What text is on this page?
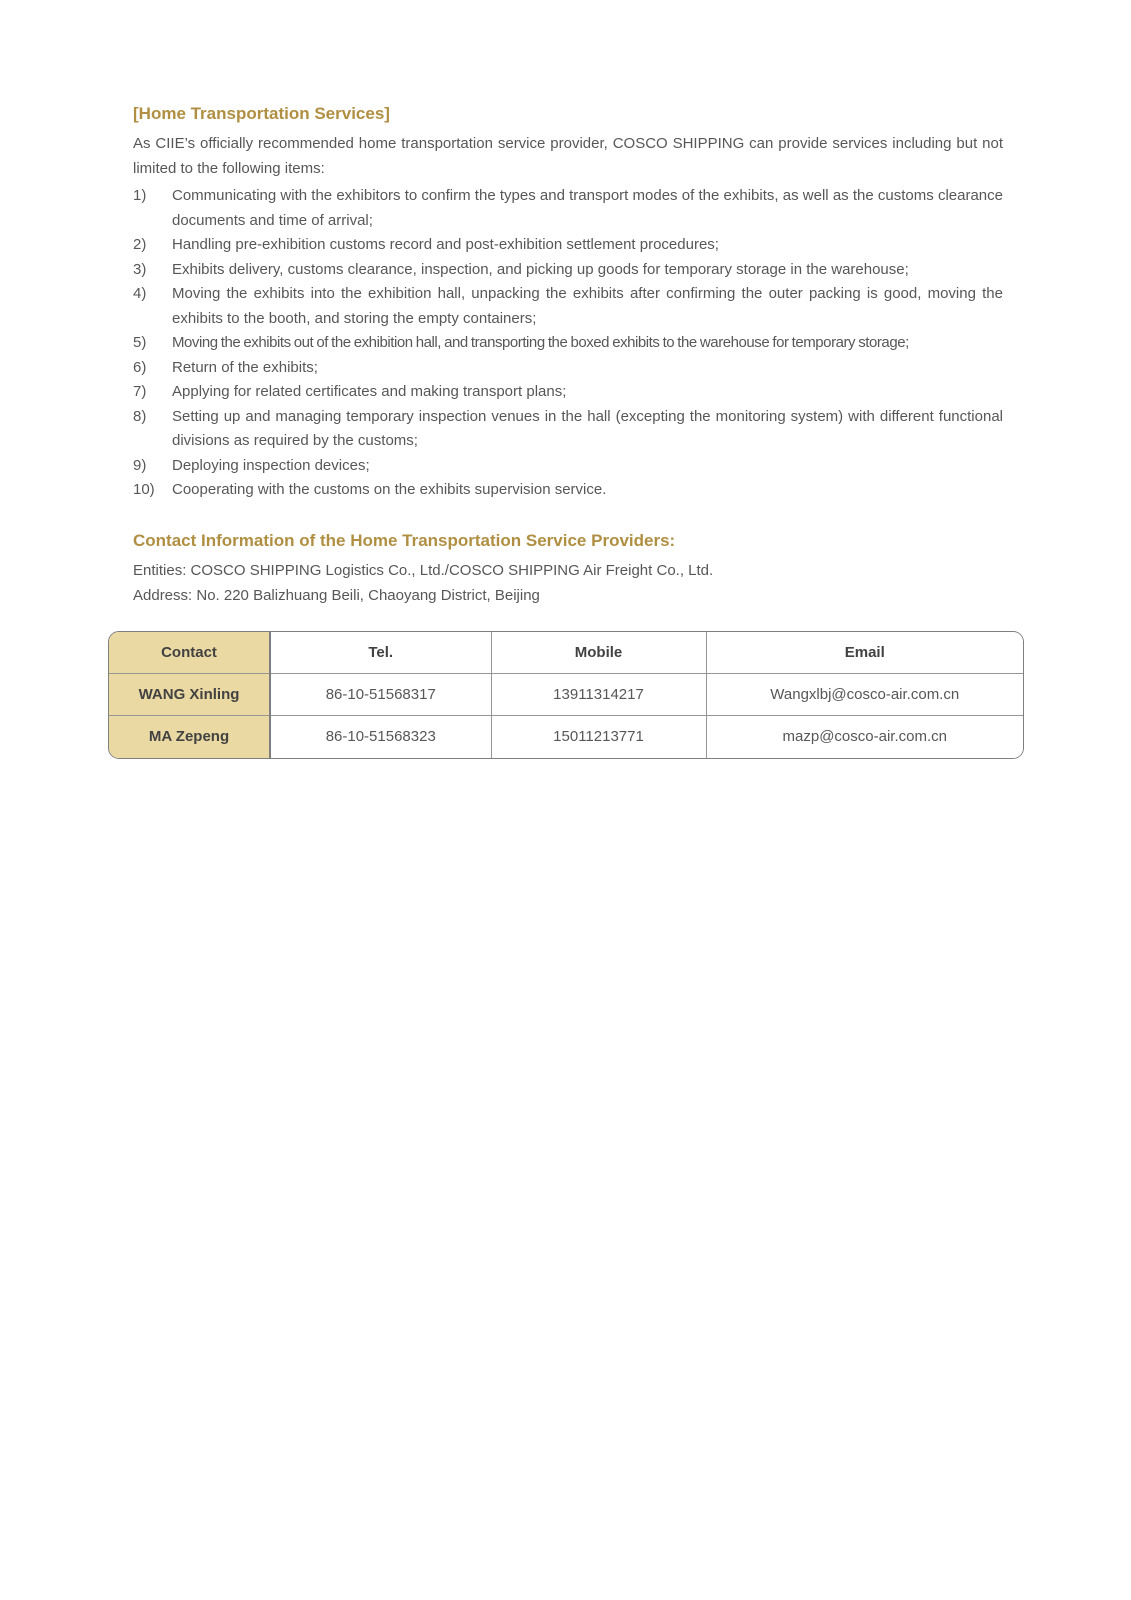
[Home Transportation Services]

As CIIE’s officially recommended home transportation service provider, COSCO SHIPPING can provide services including but not limited to the following items:

1)	Communicating with the exhibitors to confirm the types and transport modes of the exhibits, as well as the customs clearance documents and time of arrival;
2)	Handling pre-exhibition customs record and post-exhibition settlement procedures;
3)	Exhibits delivery, customs clearance, inspection, and picking up goods for temporary storage in the warehouse;
4)	Moving the exhibits into the exhibition hall, unpacking the exhibits after confirming the outer packing is good, moving the exhibits to the booth, and storing the empty containers;
5)	Moving the exhibits out of the exhibition hall, and transporting the boxed exhibits to the warehouse for temporary storage;
6)	Return of the exhibits;
7)	Applying for related certificates and making transport plans;
8)	Setting up and managing temporary inspection venues in the hall (excepting the monitoring system) with different functional divisions as required by the customs;
9)	Deploying inspection devices;
10)	Cooperating with the customs on the exhibits supervision service.
Contact Information of the Home Transportation Service Providers:

Entities: COSCO SHIPPING Logistics Co., Ltd./COSCO SHIPPING Air Freight Co., Ltd.

Address: No. 220 Balizhuang Beili, Chaoyang District, Beijing

Contact	Tel.	Mobile	Email
WANG Xinling	86-10-51568317	13911314217	Wangxlbj@cosco-air.com.cn
MA Zepeng	86-10-51568323	15011213771	mazp@cosco-air.com.cn
